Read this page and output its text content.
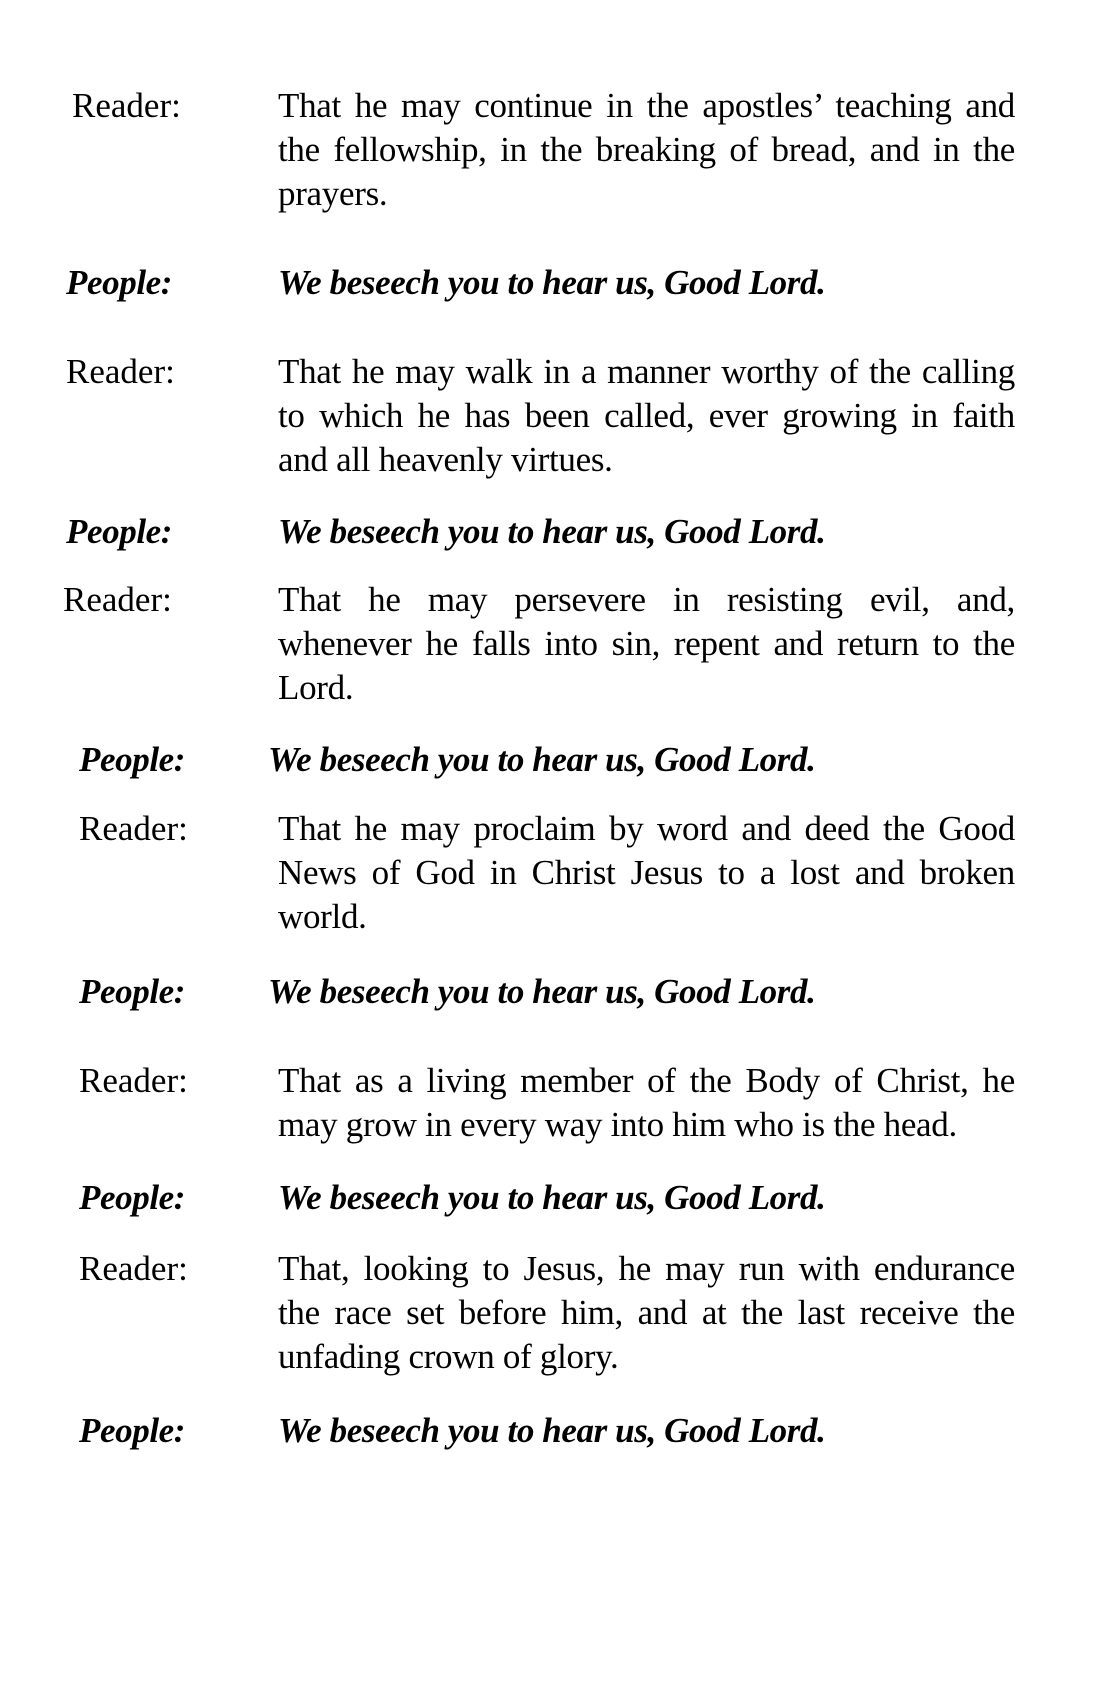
Reader:	That he may continue in the apostles’ teaching and the fellowship, in the breaking of bread, and in the prayers.
People:	We beseech you to hear us, Good Lord.
Reader:	That he may walk in a manner worthy of the calling to which he has been called, ever growing in faith and all heavenly virtues.
People:	We beseech you to hear us, Good Lord.
Reader:	That he may persevere in resisting evil, and, whenever he falls into sin, repent and return to the Lord.
People: We beseech you to hear us, Good Lord.
Reader:	That he may proclaim by word and deed the Good News of God in Christ Jesus to a lost and broken world.
People: We beseech you to hear us, Good Lord.
Reader:	That as a living member of the Body of Christ, he may grow in every way into him who is the head.
People:	We beseech you to hear us, Good Lord.
Reader:	That, looking to Jesus, he may run with endurance the race set before him, and at the last receive the unfading crown of glory.
People:	We beseech you to hear us, Good Lord.
